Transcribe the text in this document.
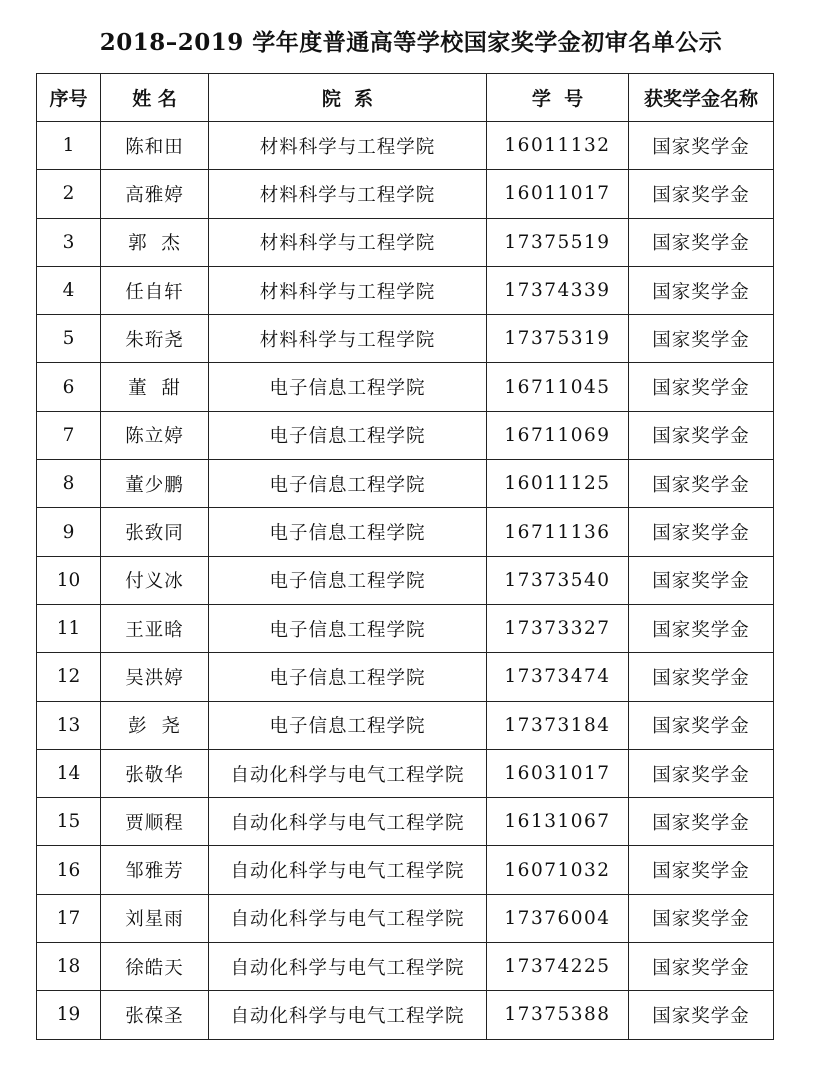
2018–2019 学年度普通高等学校国家奖学金初审名单公示
序号	姓 名	院  系	学  号	获奖学金名称
1	陈和田	材料科学与工程学院	16011132	国家奖学金
2	高雅婷	材料科学与工程学院	16011017	国家奖学金
3	郭  杰	材料科学与工程学院	17375519	国家奖学金
4	任自轩	材料科学与工程学院	17374339	国家奖学金
5	朱珩尧	材料科学与工程学院	17375319	国家奖学金
6	董  甜	电子信息工程学院	16711045	国家奖学金
7	陈立婷	电子信息工程学院	16711069	国家奖学金
8	董少鹏	电子信息工程学院	16011125	国家奖学金
9	张致同	电子信息工程学院	16711136	国家奖学金
10	付义冰	电子信息工程学院	17373540	国家奖学金
11	王亚晗	电子信息工程学院	17373327	国家奖学金
12	吴洪婷	电子信息工程学院	17373474	国家奖学金
13	彭  尧	电子信息工程学院	17373184	国家奖学金
14	张敬华	自动化科学与电气工程学院	16031017	国家奖学金
15	贾顺程	自动化科学与电气工程学院	16131067	国家奖学金
16	邹雅芳	自动化科学与电气工程学院	16071032	国家奖学金
17	刘星雨	自动化科学与电气工程学院	17376004	国家奖学金
18	徐皓天	自动化科学与电气工程学院	17374225	国家奖学金
19	张葆圣	自动化科学与电气工程学院	17375388	国家奖学金
